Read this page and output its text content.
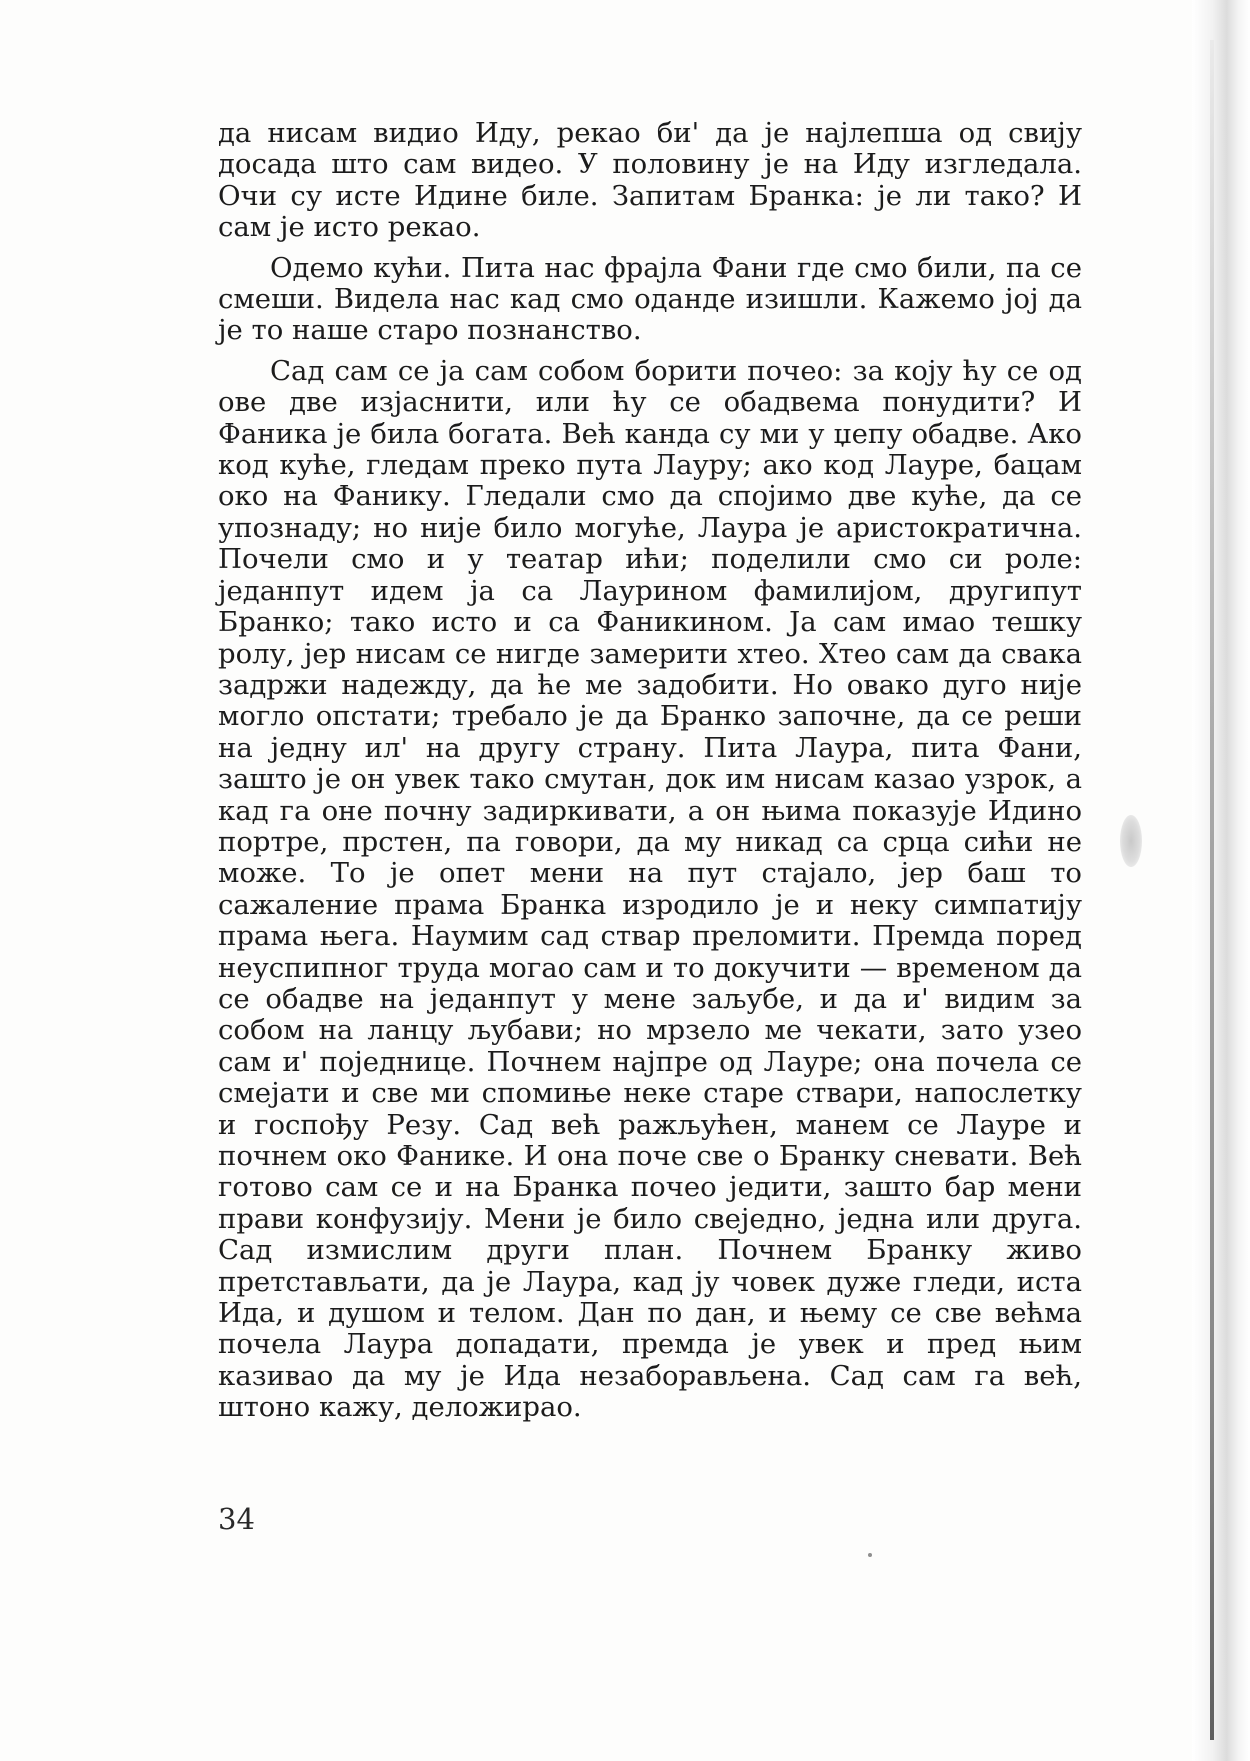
да нисам видио Иду, рекао би' да је најлепша од свију досада што сам видео. У половину је на Иду изгледала. Очи су исте Идине биле. Запитам Бранка: је ли тако? И сам је исто рекао.

Одемо кући. Пита нас фрајла Фани где смо били, па се смеши. Видела нас кад смо оданде изишли. Кажемо јој да је то наше старо познанство.

Сад сам се ја сам собом борити почео: за коју ћу се од ове две изјаснити, или ћу се обадвема понудити? И Фаника је била богата. Већ канда су ми у џепу обадве. Ако код куће, гледам преко пута Лауру; ако код Лауре, бацам око на Фанику. Гледали смо да спојимо две куће, да се упознаду; но није било могуће, Лаура је аристократична. Почели смо и у театар ићи; поделили смо си роле: једанпут идем ја са Лаурином фамилијом, другипут Бранко; тако исто и са Фаникином. Ја сам имао тешку ролу, јер нисам се нигде замерити хтео. Хтео сам да свака задржи надежду, да ће ме задобити. Но овако дуго није могло опстати; требало је да Бранко започне, да се реши на једну ил' на другу страну. Пита Лаура, пита Фани, зашто је он увек тако смутан, док им нисам казао узрок, а кад га оне почну задиркивати, а он њима показује Идино портре, прстен, па говори, да му никад са срца сићи не може. То је опет мени на пут стајало, јер баш то сажаление прама Бранка изродило је и неку симпатију прама њега. Наумим сад ствар преломити. Премда поред неуспипног труда могао сам и то докучити — временом да се обадве на једанпут у мене заљубе, и да и' видим за собом на ланцу љубави; но мрзело ме чекати, зато узео сам и' поједнице. Почнем најпре од Лауре; она почела се смејати и све ми спомиње неке старе ствари, напослетку и госпођу Резу. Сад већ ражљућен, манем се Лауре и почнем око Фанике. И она поче све о Бранку сневати. Већ готово сам се и на Бранка почео једити, зашто бар мени прави конфузију. Мени је било свеједно, једна или друга. Сад измислим други план. Почнем Бранку живо претстављати, да је Лаура, кад ју човек дуже гледи, иста Ида, и душом и телом. Дан по дан, и њему се све већма почела Лаура допадати, премда је увек и пред њим казивао да му је Ида незаборављена. Сад сам га већ, штоно кажу, деложирао.

34
